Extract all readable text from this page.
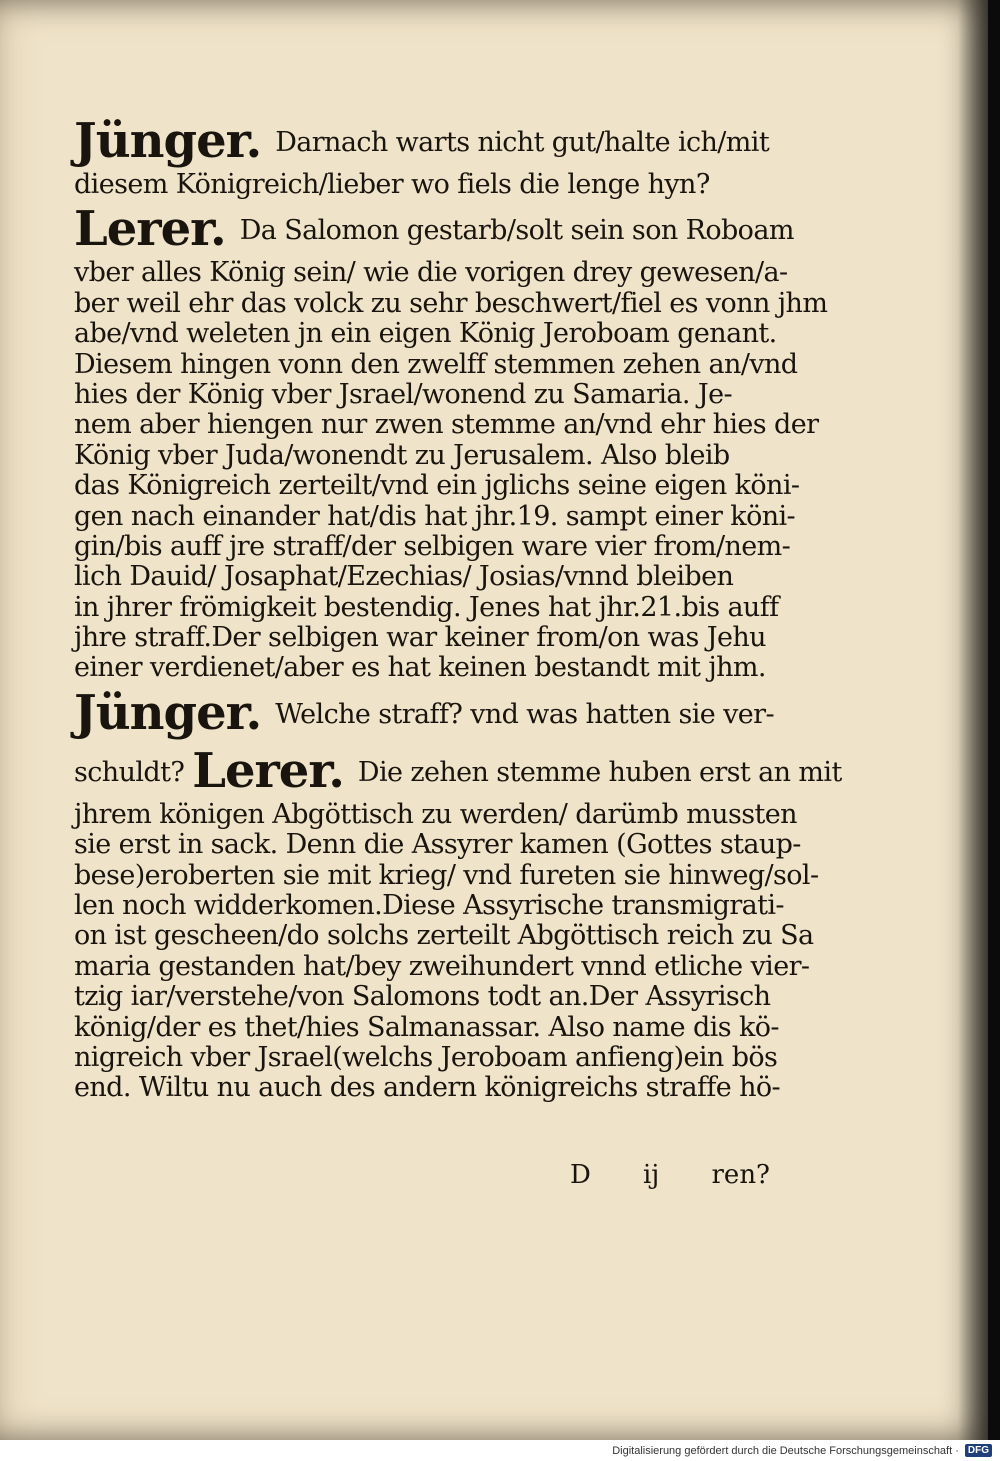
Jünger. Darnach warts nicht gut/halte ich/mit
diesem Königreich/lieber wo fiels die lenge hyn?
Lerer. Da Salomon gestarb/solt sein son Roboam
vber alles König sein/ wie die vorigen drey gewesen/a-
ber weil ehr das volck zu sehr beschwert/fiel es vonn jhm
abe/vnd weleten jn ein eigen König Jeroboam genant.
Diesem hingen vonn den zwelff stemmen zehen an/vnd
hies der König vber Jsrael/wonend zu Samaria. Je-
nem aber hiengen nur zwen stemme an/vnd ehr hies der
König vber Juda/wonendt zu Jerusalem. Also bleib
das Königreich zerteilt/vnd ein jglichs seine eigen köni-
gen nach einander hat/dis hat jhr.19. sampt einer köni-
gin/bis auff jre straff/der selbigen ware vier from/nem-
lich Dauid/ Josaphat/Ezechias/ Josias/vnnd bleiben
in jhrer frömigkeit bestendig. Jenes hat jhr.21.bis auff
jhre straff.Der selbigen war keiner from/on was Jehu
einer verdienet/aber es hat keinen bestandt mit jhm.
Jünger. Welche straff? vnd was hatten sie ver-
schuldt? Lerer. Die zehen stemme huben erst an mit
jhrem königen Abgöttisch zu werden/ darümb mussten
sie erst in sack. Denn die Assyrer kamen (Gottes staup-
bese)eroberten sie mit krieg/ vnd fureten sie hinweg/sol-
len noch widderkomen.Diese Assyrische transmigrati-
on ist gescheen/do solchs zerteilt Abgöttisch reich zu Sa
maria gestanden hat/bey zweihundert vnnd etliche vier-
tzig iar/verstehe/von Salomons todt an.Der Assyrisch
könig/der es thet/hies Salmanassar. Also name dis kö-
nigreich vber Jsrael(welchs Jeroboam anfieng)ein bös
end. Wiltu nu auch des andern königreichs straffe hö-
D ij ren?
Digitalisierung gefördert durch die Deutsche Forschungsgemeinschaft · DFG
